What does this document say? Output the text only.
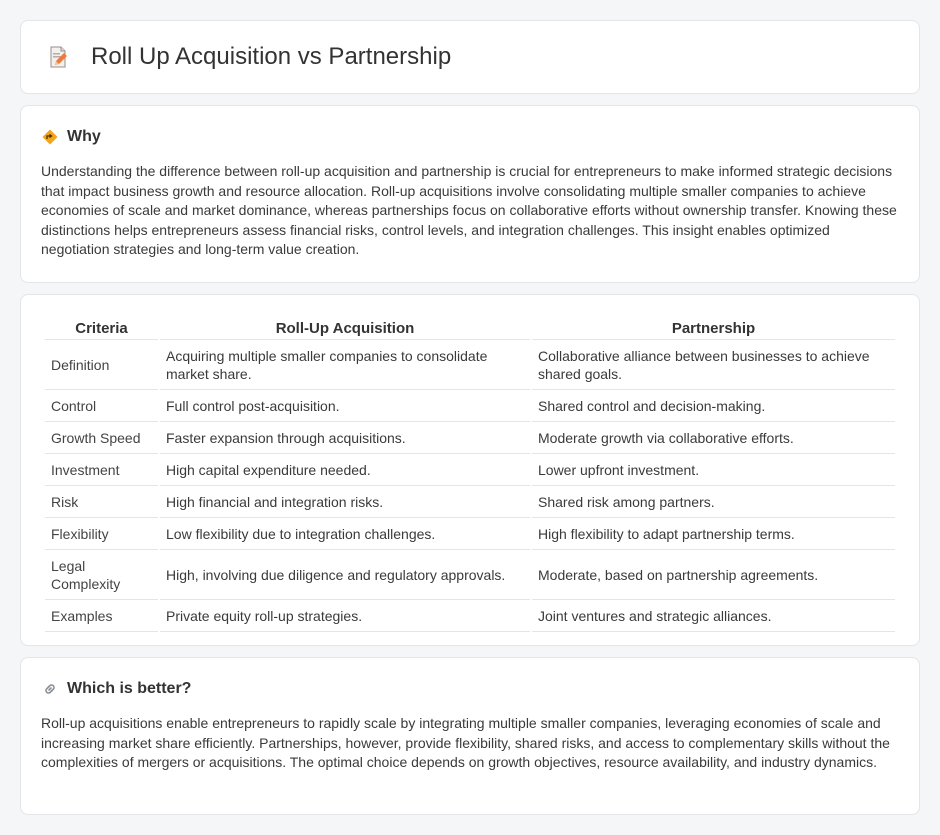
Roll Up Acquisition vs Partnership
Why

Understanding the difference between roll-up acquisition and partnership is crucial for entrepreneurs to make informed strategic decisions that impact business growth and resource allocation. Roll-up acquisitions involve consolidating multiple smaller companies to achieve economies of scale and market dominance, whereas partnerships focus on collaborative efforts without ownership transfer. Knowing these distinctions helps entrepreneurs assess financial risks, control levels, and integration challenges. This insight enables optimized negotiation strategies and long-term value creation.

Criteria	Roll-Up Acquisition	Partnership
Definition	Acquiring multiple smaller companies to consolidate market share.	Collaborative alliance between businesses to achieve shared goals.
Control	Full control post-acquisition.	Shared control and decision-making.
Growth Speed	Faster expansion through acquisitions.	Moderate growth via collaborative efforts.
Investment	High capital expenditure needed.	Lower upfront investment.
Risk	High financial and integration risks.	Shared risk among partners.
Flexibility	Low flexibility due to integration challenges.	High flexibility to adapt partnership terms.
Legal Complexity	High, involving due diligence and regulatory approvals.	Moderate, based on partnership agreements.
Examples	Private equity roll-up strategies.	Joint ventures and strategic alliances.
Which is better?

Roll-up acquisitions enable entrepreneurs to rapidly scale by integrating multiple smaller companies, leveraging economies of scale and increasing market share efficiently. Partnerships, however, provide flexibility, shared risks, and access to complementary skills without the complexities of mergers or acquisitions. The optimal choice depends on growth objectives, resource availability, and industry dynamics.
